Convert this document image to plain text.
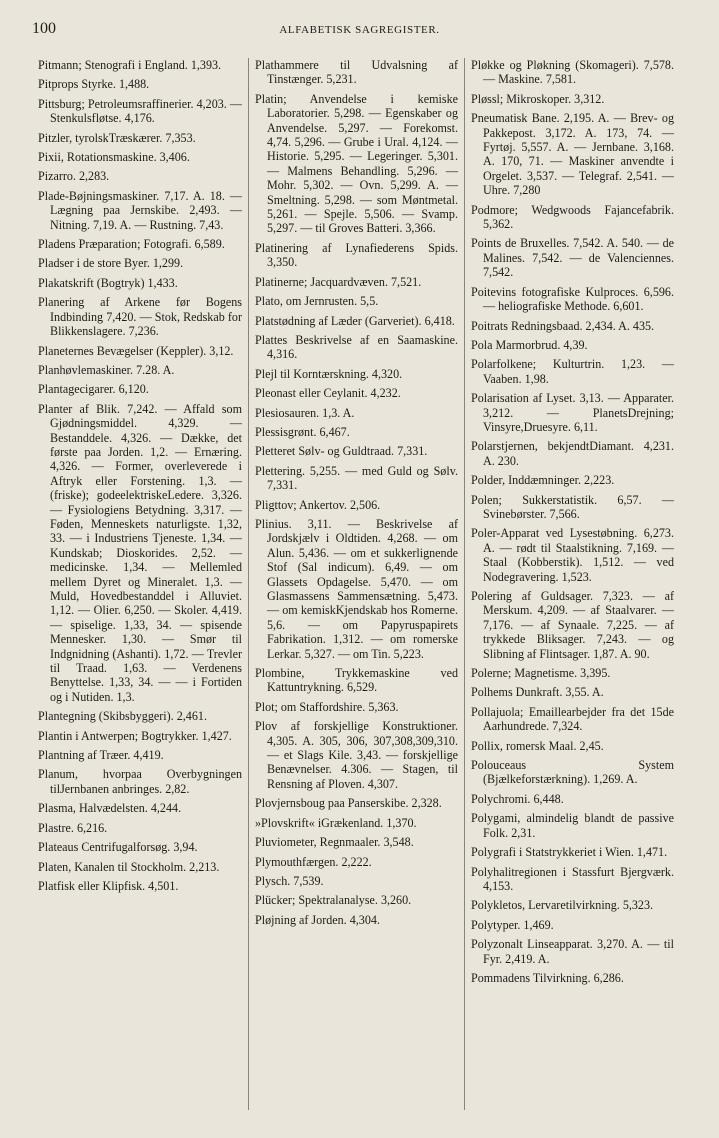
100	ALFABETISK SAGREGISTER.

Pitmann; Stenografi i England. 1,393.

Pitprops Styrke. 1,488.

Pittsburg; Petroleumsraffinerier. 4,203. — Stenkulsfløtse. 4,176.

Pitzler, tyrolskTræskærer. 7,353.

Pixii, Rotationsmaskine. 3,406.

Pizarro. 2,283.

Plade-Bøjningsmaskiner. 7,17. A. 18. — Lægning paa Jernskibe. 2,493. — Nitning. 7,19. A. — Rustning. 7,43.

Pladens Præparation; Fotografi. 6,589.

Pladser i de store Byer. 1,299.

Plakatskrift (Bogtryk) 1,433.

Planering af Arkene før Bogens Indbinding 7,420. — Stok, Redskab for Blikkenslagere. 7,236.

Planeternes Bevægelser (Keppler). 3,12.

Planhøvlemaskiner. 7.28. A.

Plantagecigarer. 6,120.

Planter af Blik. 7,242. — Affald som Gjødningsmiddel. 4,329. — Bestanddele. 4,326. — Dække, det første paa Jorden. 1,2. — Ernæring. 4,326. — Former, overleverede i Aftryk eller Forstening. 1,3. — (friske); godeelektriskeLedere. 3,326. — Fysiologiens Betydning. 3,317. — Føden, Menneskets naturligste. 1,32, 33. — i Industriens Tjeneste. 1,34. — Kundskab; Dioskorides. 2,52. — medicinske. 1,34. — Mellemled mellem Dyret og Mineralet. 1,3. — Muld, Hovedbestanddel i Alluviet. 1,12. — Olier. 6,250. — Skoler. 4,419. — spiselige. 1,33, 34. — spisende Mennesker. 1,30. — Smør til Indgnidning (Ashanti). 1,72. — Trevler til Traad. 1,63. — Verdenens Benyttelse. 1,33, 34. — — i Fortiden og i Nutiden. 1,3.

Plantegning (Skibsbyggeri). 2,461.

Plantin i Antwerpen; Bogtrykker. 1,427.

Plantning af Træer. 4,419.

Planum, hvorpaa Overbygningen tilJernbanen anbringes. 2,82.

Plasma, Halvædelsten. 4,244.

Plastre. 6,216.

Plateaus Centrifugalforsøg. 3,94.

Platen, Kanalen til Stockholm. 2,213.

Platfisk eller Klipfisk. 4,501.

Plathammere til Udvalsning af Tinstænger. 5,231.

Platin; Anvendelse i kemiske Laboratorier. 5,298. — Egenskaber og Anvendelse. 5,297. — Forekomst. 4,74. 5,296. — Grube i Ural. 4,124. — Historie. 5,295. — Legeringer. 5,301. — Malmens Behandling. 5,296. — Mohr. 5,302. — Ovn. 5,299. A. — Smeltning. 5,298. — som Møntmetal. 5,261. — Spejle. 5,506. — Svamp. 5,297. — til Groves Batteri. 3,366.

Platinering af Lynafiederens Spids. 3,350.

Platinerne; Jacquardvæven. 7,521.

Plato, om Jernrusten. 5,5.

Platstødning af Læder (Garveriet). 6,418.

Plattes Beskrivelse af en Saamaskine. 4,316.

Plejl til Korntærskning. 4,320.

Pleonast eller Ceylanit. 4,232.

Plesiosauren. 1,3. A.

Plessisgrønt. 6,467.

Pletteret Sølv- og Guldtraad. 7,331.

Plettering. 5,255. — med Guld og Sølv. 7,331.

Pligttov; Ankertov. 2,506.

Plinius. 3,11. — Beskrivelse af Jordskjælv i Oldtiden. 4,268. — om Alun. 5,436. — om et sukkerlignende Stof (Sal indicum). 6,49. — om Glassets Opdagelse. 5,470. — om Glasmassens Sammensætning. 5,473. — om kemiskKjendskab hos Romerne. 5,6. — om Papyruspapirets Fabrikation. 1,312. — om romerske Lerkar. 5,327. — om Tin. 5,223.

Plombine, Trykkemaskine ved Kattuntrykning. 6,529.

Plot; om Staffordshire. 5,363.

Plov af forskjellige Konstruktioner. 4,305. A. 305, 306, 307,308,309,310. — et Slags Kile. 3,43. — forskjellige Benævnelser. 4.306. — Stagen, til Rensning af Ploven. 4,307.

Plovjernsboug paa Panserskibe. 2,328.

»Plovskrift« iGrækenland. 1,370.

Pluviometer, Regnmaaler. 3,548.

Plymouthfærgen. 2,222.

Plysch. 7,539.

Plücker; Spektralanalyse. 3,260.

Pløjning af Jorden. 4,304.

Pløkke og Pløkning (Skomageri). 7,578. — Maskine. 7,581.

Pløssl; Mikroskoper. 3,312.

Pneumatisk Bane. 2,195. A. — Brev- og Pakkepost. 3,172. A. 173, 74. — Fyrtøj. 5,557. A. — Jernbane. 3,168. A. 170, 71. — Maskiner anvendte i Orgelet. 3,537. — Telegraf. 2,541. — Uhre. 7,280

Podmore; Wedgwoods Fajancefabrik. 5,362.

Points de Bruxelles. 7,542. A. 540. — de Malines. 7,542. — de Valenciennes. 7,542.

Poitevins fotografiske Kulproces. 6,596. — heliografiske Methode. 6,601.

Poitrats Redningsbaad. 2,434. A. 435.

Pola Marmorbrud. 4,39.

Polarfolkene; Kulturtrin. 1,23. — Vaaben. 1,98.

Polarisation af Lyset. 3,13. — Apparater. 3,212. — PlanetsDrejning; Vinsyre,Druesyre. 6,11.

Polarstjernen, bekjendtDiamant. 4,231. A. 230.

Polder, Inddæmninger. 2,223.

Polen; Sukkerstatistik. 6,57. — Svinebørster. 7,566.

Poler-Apparat ved Lysestøbning. 6,273. A. — rødt til Staalstikning. 7,169. — Staal (Kobberstik). 1,512. — ved Nodegravering. 1,523.

Polering af Guldsager. 7,323. — af Merskum. 4,209. — af Staalvarer. — 7,176. — af Synaale. 7,225. — af trykkede Bliksager. 7,243. — og Slibning af Flintsager. 1,87. A. 90.

Polerne; Magnetisme. 3,395.

Polhems Dunkraft. 3,55. A.

Pollajuola; Emaillearbejder fra det 15de Aarhundrede. 7,324.

Pollix, romersk Maal. 2,45.

Polouceaus System (Bjælkeforstærkning). 1,269. A.

Polychromi. 6,448.

Polygami, almindelig blandt de passive Folk. 2,31.

Polygrafi i Statstrykkeriet i Wien. 1,471.

Polyhalitregionen i Stassfurt Bjergværk. 4,153.

Polykletos, Lervaretilvirkning. 5,323.

Polytyper. 1,469.

Polyzonalt Linseapparat. 3,270. A. — til Fyr. 2,419. A.

Pommadens Tilvirkning. 6,286.
